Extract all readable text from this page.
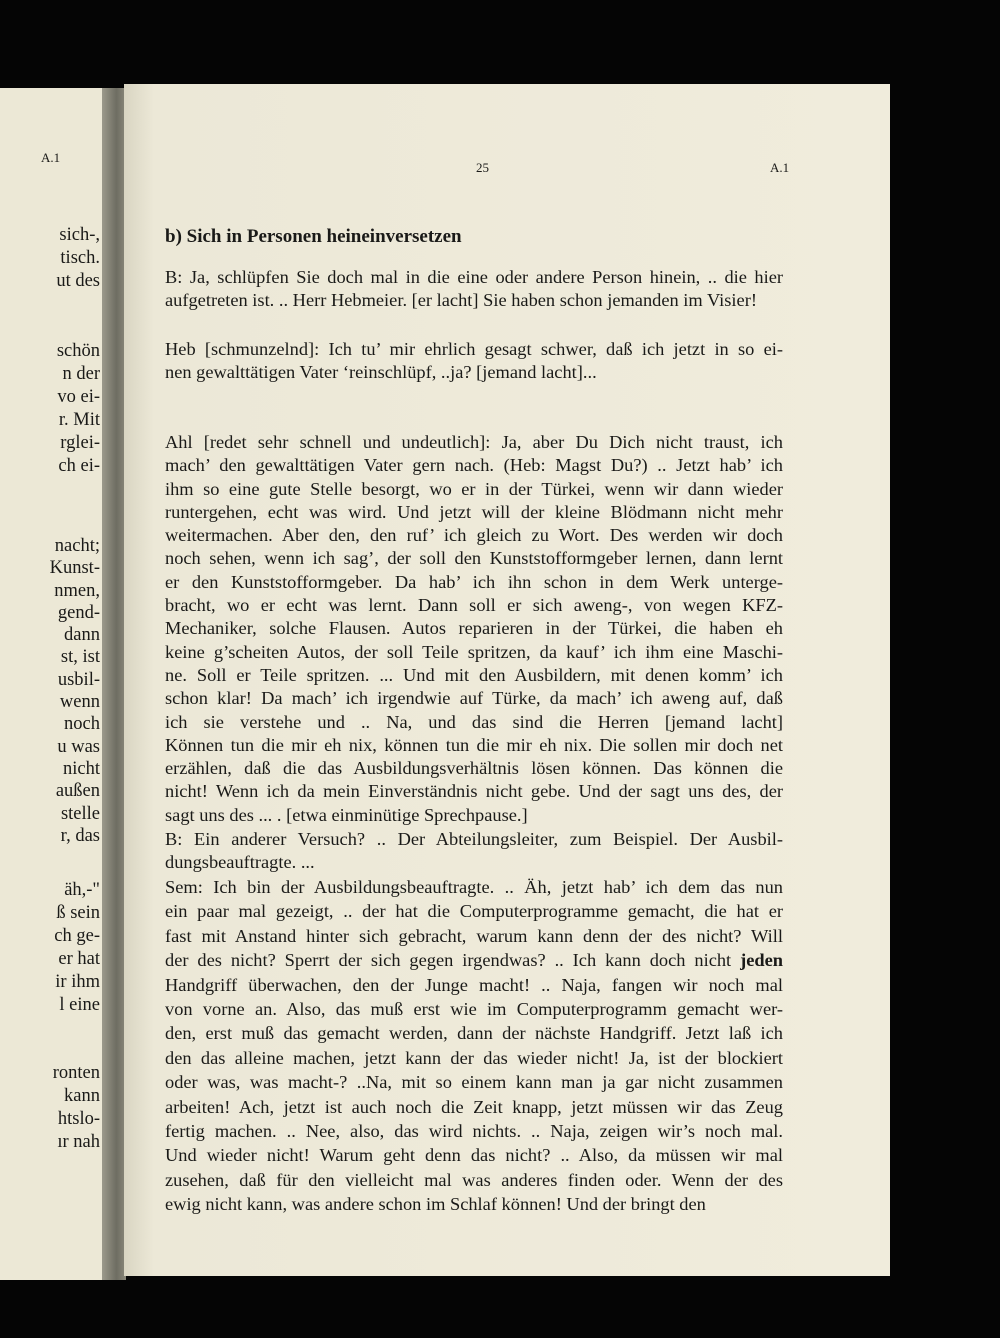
A.1
sich-,
tisch.
ut des
schön
n der
vo ei-
r. Mit
rglei-
ch ei-
nacht;
Kunst-
nmen,
gend-
dann
st, ist
usbil-
wenn
noch
u was
nicht
außen
stelle
r, das
äh,-"
ß sein
ch ge-
er hat
ir ihm
l eine
ronten
kann
htslo-
ır nah
25	A.1
b) Sich in Personen heineinversetzen
B: Ja, schlüpfen Sie doch mal in die eine oder andere Person hinein, .. die hier
aufgetreten ist. .. Herr Hebmeier. [er lacht] Sie haben schon jemanden im Visier!
Heb [schmunzelnd]: Ich tu’ mir ehrlich gesagt schwer, daß ich jetzt in so ei-
nen gewalttätigen Vater ‘reinschlüpf, ..ja? [jemand lacht]...
Ahl [redet sehr schnell und undeutlich]: Ja, aber Du Dich nicht traust, ich
mach’ den gewalttätigen Vater gern nach. (Heb: Magst Du?) .. Jetzt hab’ ich
ihm so eine gute Stelle besorgt, wo er in der Türkei, wenn wir dann wieder
runtergehen, echt was wird. Und jetzt will der kleine Blödmann nicht mehr
weitermachen. Aber den, den ruf’ ich gleich zu Wort. Des werden wir doch
noch sehen, wenn ich sag’, der soll den Kunststofformgeber lernen, dann lernt
er den Kunststofformgeber. Da hab’ ich ihn schon in dem Werk unterge-
bracht, wo er echt was lernt. Dann soll er sich aweng-, von wegen KFZ-
Mechaniker, solche Flausen. Autos reparieren in der Türkei, die haben eh
keine g’scheiten Autos, der soll Teile spritzen, da kauf’ ich ihm eine Maschi-
ne. Soll er Teile spritzen. ... Und mit den Ausbildern, mit denen komm’ ich
schon klar! Da mach’ ich irgendwie auf Türke, da mach’ ich aweng auf, daß
ich sie verstehe und .. Na, und das sind die Herren [jemand lacht]
Können tun die mir eh nix, können tun die mir eh nix. Die sollen mir doch net
erzählen, daß die das Ausbildungsverhältnis lösen können. Das können die
nicht! Wenn ich da mein Einverständnis nicht gebe. Und der sagt uns des, der
sagt uns des ... . [etwa einminütige Sprechpause.]
B: Ein anderer Versuch? .. Der Abteilungsleiter, zum Beispiel. Der Ausbil-
dungsbeauftragte. ...
Sem: Ich bin der Ausbildungsbeauftragte. .. Äh, jetzt hab’ ich dem das nun
ein paar mal gezeigt, .. der hat die Computerprogramme gemacht, die hat er
fast mit Anstand hinter sich gebracht, warum kann denn der des nicht? Will
der des nicht? Sperrt der sich gegen irgendwas? .. Ich kann doch nicht jeden
Handgriff überwachen, den der Junge macht! .. Naja, fangen wir noch mal
von vorne an. Also, das muß erst wie im Computerprogramm gemacht wer-
den, erst muß das gemacht werden, dann der nächste Handgriff. Jetzt laß ich
den das alleine machen, jetzt kann der das wieder nicht! Ja, ist der blockiert
oder was, was macht-? ..Na, mit so einem kann man ja gar nicht zusammen
arbeiten! Ach, jetzt ist auch noch die Zeit knapp, jetzt müssen wir das Zeug
fertig machen. .. Nee, also, das wird nichts. .. Naja, zeigen wir’s noch mal.
Und wieder nicht! Warum geht denn das nicht? .. Also, da müssen wir mal
zusehen, daß für den vielleicht mal was anderes finden oder. Wenn der des
ewig nicht kann, was andere schon im Schlaf können! Und der bringt den
